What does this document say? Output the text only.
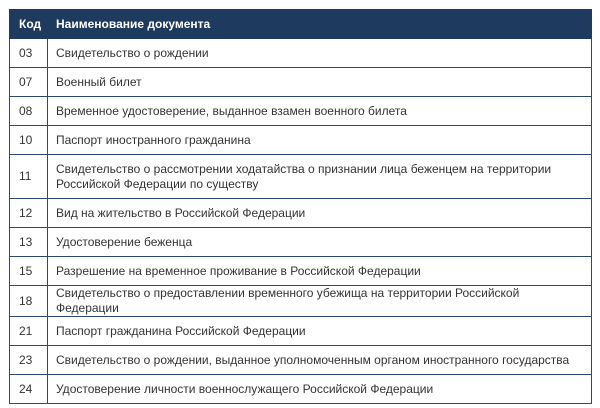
Код	Наименование документа
03	Свидетельство о рождении
07	Военный билет
08	Временное удостоверение, выданное взамен военного билета
10	Паспорт иностранного гражданина
11	Свидетельство о рассмотрении ходатайства о признании лица беженцем на территории Российской Федерации по существу
12	Вид на жительство в Российской Федерации
13	Удостоверение беженца
15	Разрешение на временное проживание в Российской Федерации
18	Свидетельство о предоставлении временного убежища на территории Российской Федерации
21	Паспорт гражданина Российской Федерации
23	Свидетельство о рождении, выданное уполномоченным органом иностранного государства
24	Удостоверение личности военнослужащего Российской Федерации
